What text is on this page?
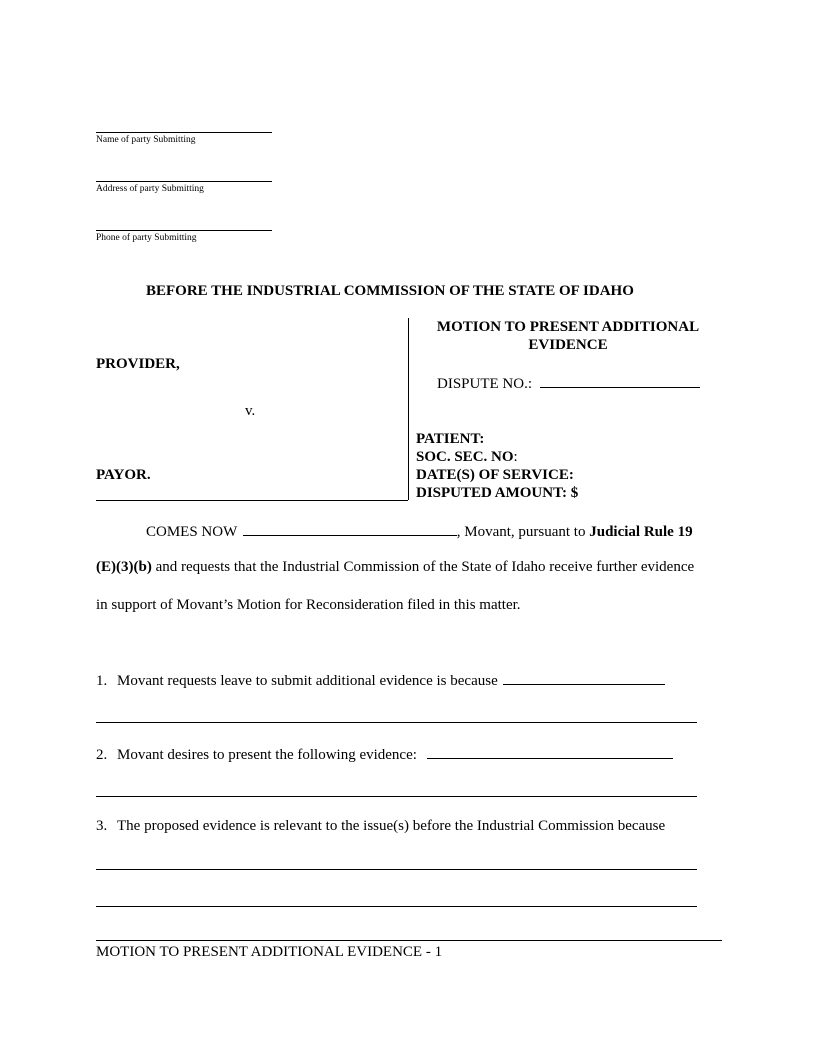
Name of party Submitting
Address of party Submitting
Phone of party Submitting
BEFORE THE INDUSTRIAL COMMISSION OF THE STATE OF IDAHO
PROVIDER,
v.
PAYOR.
MOTION TO PRESENT ADDITIONAL
EVIDENCE
DISPUTE NO.:
PATIENT:
SOC. SEC. NO:
DATE(S) OF SERVICE:
DISPUTED AMOUNT: $
COMES NOW	, Movant, pursuant to Judicial Rule 19
(E)(3)(b) and requests that the Industrial Commission of the State of Idaho receive further evidence
in support of Movant’s Motion for Reconsideration filed in this matter.
1. Movant requests leave to submit additional evidence is because
2. Movant desires to present the following evidence:
3. The proposed evidence is relevant to the issue(s) before the Industrial Commission because
MOTION TO PRESENT ADDITIONAL EVIDENCE - 1
